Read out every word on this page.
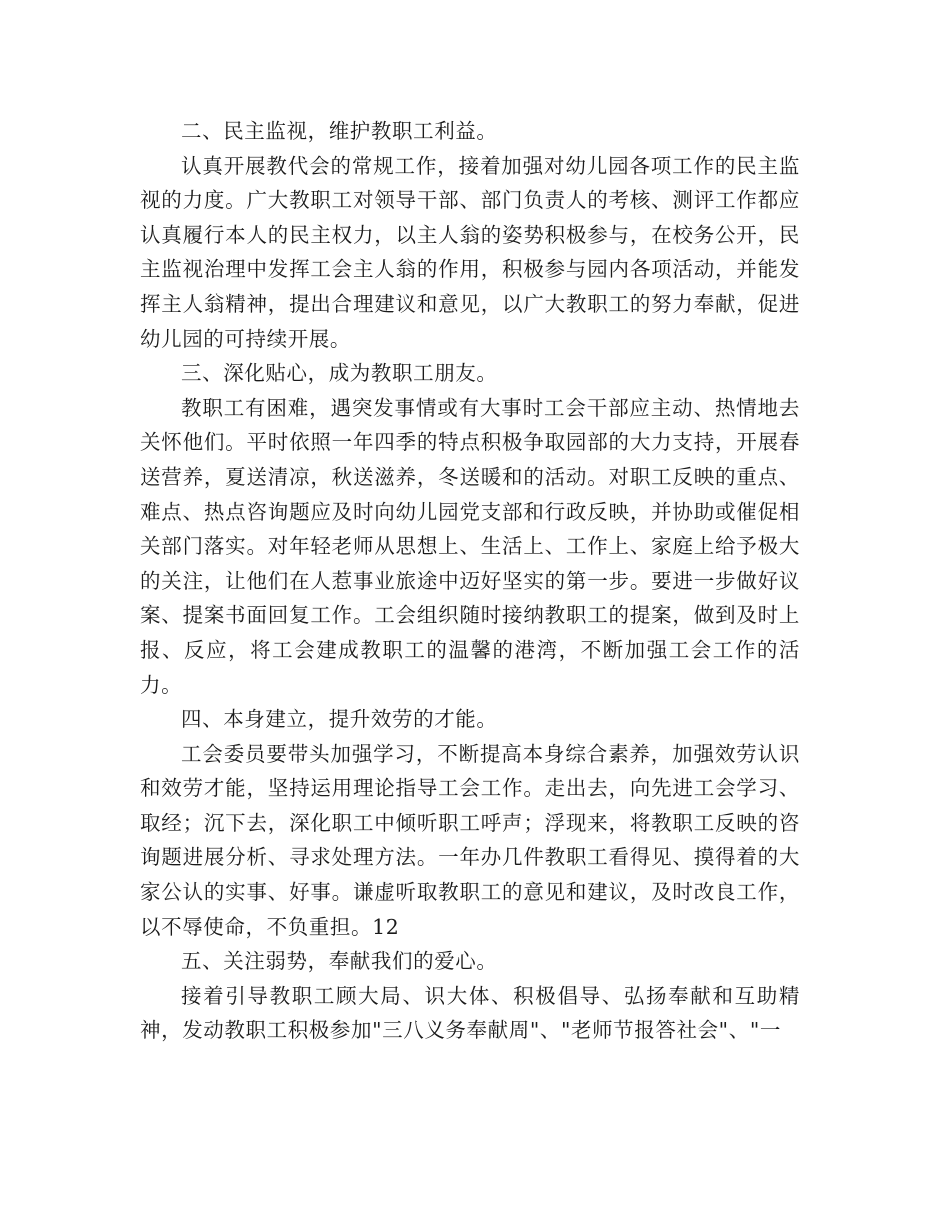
二、民主监视，维护教职工利益。

认真开展教代会的常规工作，接着加强对幼儿园各项工作的民主监视的力度。广大教职工对领导干部、部门负责人的考核、测评工作都应认真履行本人的民主权力，以主人翁的姿势积极参与，在校务公开，民主监视治理中发挥工会主人翁的作用，积极参与园内各项活动，并能发挥主人翁精神，提出合理建议和意见，以广大教职工的努力奉献，促进幼儿园的可持续开展。

三、深化贴心，成为教职工朋友。

教职工有困难，遇突发事情或有大事时工会干部应主动、热情地去关怀他们。平时依照一年四季的特点积极争取园部的大力支持，开展春送营养，夏送清凉，秋送滋养，冬送暖和的活动。对职工反映的重点、难点、热点咨询题应及时向幼儿园党支部和行政反映，并协助或催促相关部门落实。对年轻老师从思想上、生活上、工作上、家庭上给予极大的关注，让他们在人惹事业旅途中迈好坚实的第一步。要进一步做好议案、提案书面回复工作。工会组织随时接纳教职工的提案，做到及时上报、反应，将工会建成教职工的温馨的港湾，不断加强工会工作的活力。

四、本身建立，提升效劳的才能。

工会委员要带头加强学习，不断提高本身综合素养，加强效劳认识和效劳才能，坚持运用理论指导工会工作。走出去，向先进工会学习、取经；沉下去，深化职工中倾听职工呼声；浮现来，将教职工反映的咨询题进展分析、寻求处理方法。一年办几件教职工看得见、摸得着的大家公认的实事、好事。谦虚听取教职工的意见和建议，及时改良工作，以不辱使命，不负重担。12

五、关注弱势，奉献我们的爱心。

接着引导教职工顾大局、识大体、积极倡导、弘扬奉献和互助精神，发动教职工积极参加"三八义务奉献周"、"老师节报答社会"、"一
